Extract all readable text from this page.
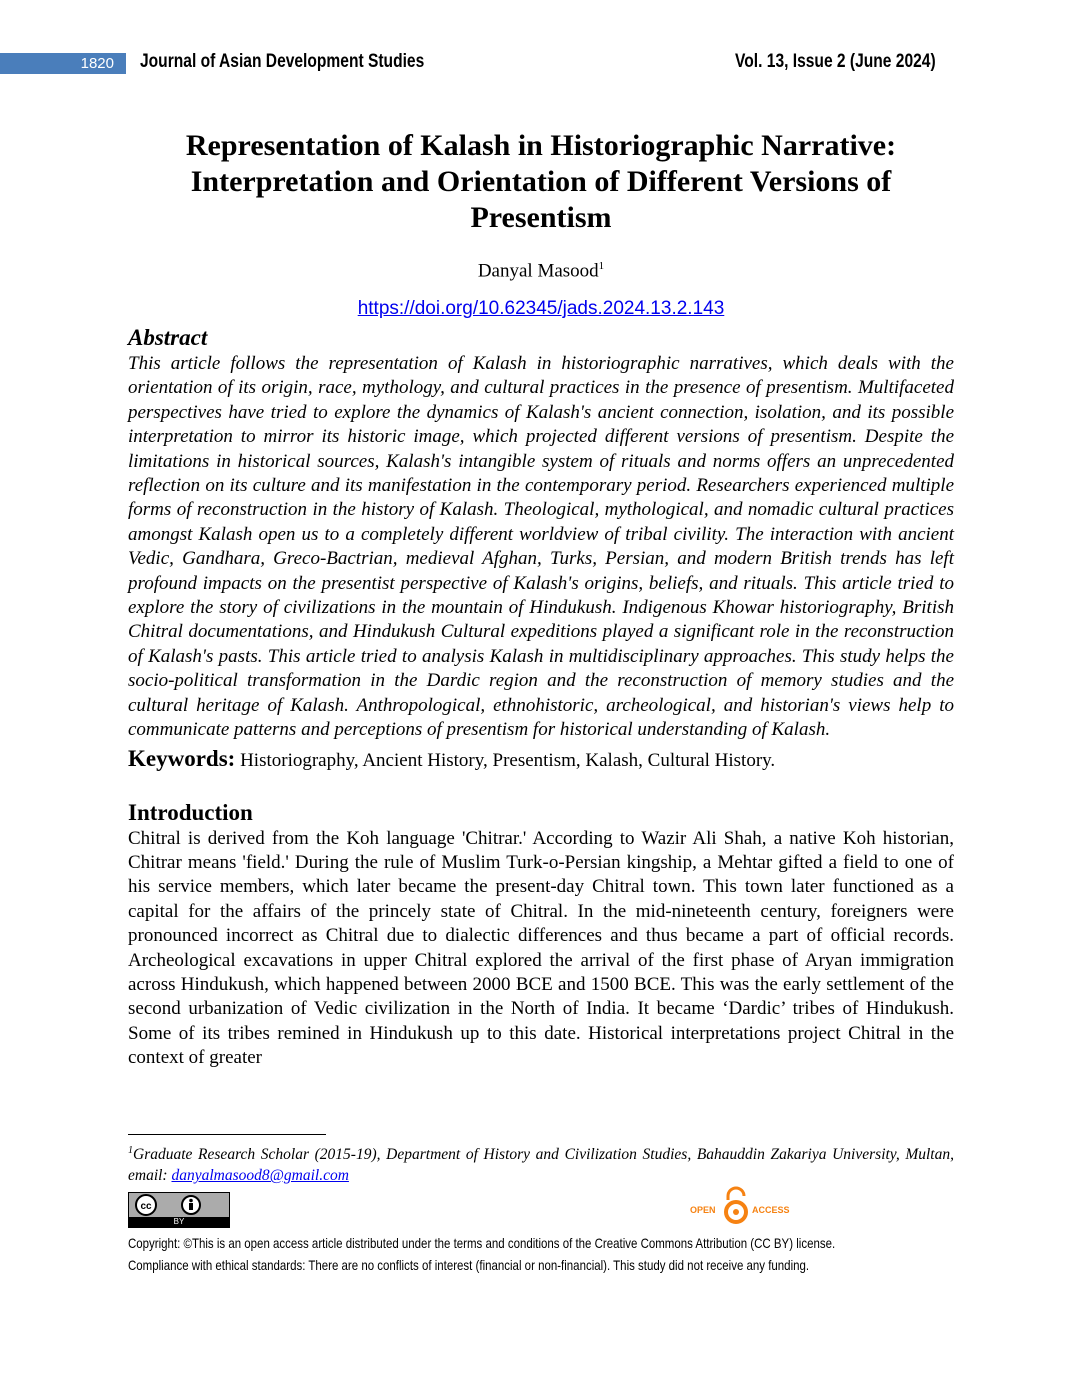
1820	Journal of Asian Development Studies	Vol. 13, Issue 2 (June 2024)
Representation of Kalash in Historiographic Narrative: Interpretation and Orientation of Different Versions of Presentism
Danyal Masood$^1$
https://doi.org/10.62345/jads.2024.13.2.143
Abstract

This article follows the representation of Kalash in historiographic narratives, which deals with the orientation of its origin, race, mythology, and cultural practices in the presence of presentism. Multifaceted perspectives have tried to explore the dynamics of Kalash's ancient connection, isolation, and its possible interpretation to mirror its historic image, which projected different versions of presentism. Despite the limitations in historical sources, Kalash's intangible system of rituals and norms offers an unprecedented reflection on its culture and its manifestation in the contemporary period. Researchers experienced multiple forms of reconstruction in the history of Kalash. Theological, mythological, and nomadic cultural practices amongst Kalash open us to a completely different worldview of tribal civility. The interaction with ancient Vedic, Gandhara, Greco-Bactrian, medieval Afghan, Turks, Persian, and modern British trends has left profound impacts on the presentist perspective of Kalash's origins, beliefs, and rituals. This article tried to explore the story of civilizations in the mountain of Hindukush. Indigenous Khowar historiography, British Chitral documentations, and Hindukush Cultural expeditions played a significant role in the reconstruction of Kalash's pasts. This article tried to analysis Kalash in multidisciplinary approaches. This study helps the socio-political transformation in the Dardic region and the reconstruction of memory studies and the cultural heritage of Kalash. Anthropological, ethnohistoric, archeological, and historian's views help to communicate patterns and perceptions of presentism for historical understanding of Kalash.

Keywords: Historiography, Ancient History, Presentism, Kalash, Cultural History.

Introduction

Chitral is derived from the Koh language 'Chitrar.' According to Wazir Ali Shah, a native Koh historian, Chitrar means 'field.' During the rule of Muslim Turk-o-Persian kingship, a Mehtar gifted a field to one of his service members, which later became the present-day Chitral town. This town later functioned as a capital for the affairs of the princely state of Chitral. In the mid-nineteenth century, foreigners were pronounced incorrect as Chitral due to dialectic differences and thus became a part of official records. Archeological excavations in upper Chitral explored the arrival of the first phase of Aryan immigration across Hindukush, which happened between 2000 BCE and 1500 BCE. This was the early settlement of the second urbanization of Vedic civilization in the North of India. It became ‘Dardic’ tribes of Hindukush. Some of its tribes remined in Hindukush up to this date. Historical interpretations project Chitral in the context of greater

$^1$Graduate Research Scholar (2015-19), Department of History and Civilization Studies, Bahauddin Zakariya University, Multan, email: danyalmasood8@gmail.com
cc
BY
OPEN	ACCESS
Copyright: ©This is an open access article distributed under the terms and conditions of the Creative Commons Attribution (CC BY) license.
Compliance with ethical standards: There are no conflicts of interest (financial or non-financial). This study did not receive any funding.
